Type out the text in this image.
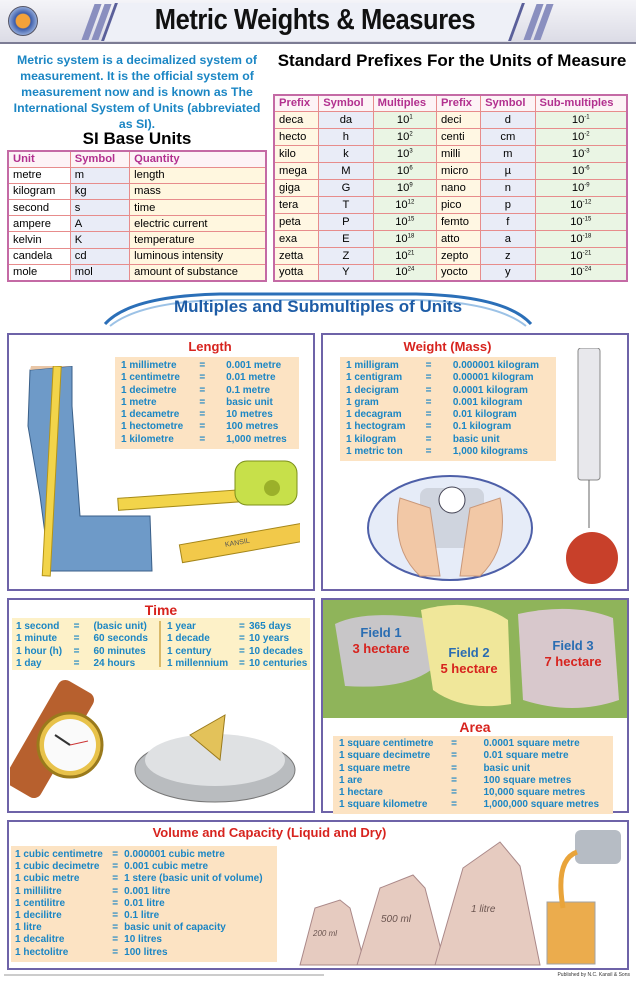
Metric Weights & Measures
Metric system is a decimalized system of measurement. It is the official system of measurement now and is known as The International System of Units (abbreviated as SI).
SI Base Units
Unit	Symbol	Quantity
metre	m	length
kilogram	kg	mass
second	s	time
ampere	A	electric current
kelvin	K	temperature
candela	cd	luminous intensity
mole	mol	amount of substance
Standard Prefixes For the Units of Measure
Prefix	Symbol	Multiples	Prefix	Symbol	Sub-multiples
deca	da	$10^1$	deci	d	$10^{-1}$
hecto	h	$10^2$	centi	cm	$10^{-2}$
kilo	k	$10^3$	milli	m	$10^{-3}$
mega	M	$10^6$	micro	µ	$10^{-6}$
giga	G	$10^9$	nano	n	$10^{-9}$
tera	T	$10^{12}$	pico	p	$10^{-12}$
peta	P	$10^{15}$	femto	f	$10^{-15}$
exa	E	$10^{18}$	atto	a	$10^{-18}$
zetta	Z	$10^{21}$	zepto	z	$10^{-21}$
yotta	Y	$10^{24}$	yocto	y	$10^{-24}$
Multiples and Submultiples of Units
Length
1 millimetre	=	0.001 metre
1 centimetre	=	0.01 metre
1 decimetre	=	0.1 metre
1 metre	=	basic unit
1 decametre	=	10 metres
1 hectometre	=	100 metres
1 kilometre	=	1,000 metres
KANSIL
Weight (Mass)
1 milligram	=	0.000001 kilogram
1 centigram	=	0.00001 kilogram
1 decigram	=	0.0001 kilogram
1 gram	=	0.001 kilogram
1 decagram	=	0.01 kilogram
1 hectogram	=	0.1 kilogram
1 kilogram	=	basic unit
1 metric ton	=	1,000 kilograms
Time
1 second	=	(basic unit)
1 minute	=	60 seconds
1 hour (h)	=	60 minutes
1 day	=	24 hours
1 year	= 365 days
1 decade	= 10 years
1 century	= 10 decades
1 millennium	= 10 centuries
Field 1
3 hectare	Field 2
5 hectare
Field 3
7 hectare
Area
1 square centimetre	=	0.0001 square metre
1 square decimetre	=	0.01 square metre
1 square metre	=	basic unit
1 are	=	100 square metres
1 hectare	=	10,000 square metres
1 square kilometre	=	1,000,000 square metres
Volume and Capacity (Liquid and Dry)
1 cubic centimetre = 0.000001 cubic metre
1 cubic decimetre	= 0.001 cubic metre
1 cubic metre	= 1 stere (basic unit of volume)
1 millilitre	= 0.001 litre
1 centilitre	= 0.01 litre
1 decilitre	= 0.1 litre
1 litre	= basic unit of capacity
1 decalitre	= 10 litres
1 hectolitre	= 100 litres
200 ml
500 ml
1 litre
Published by N.C. Kansil & Sons
